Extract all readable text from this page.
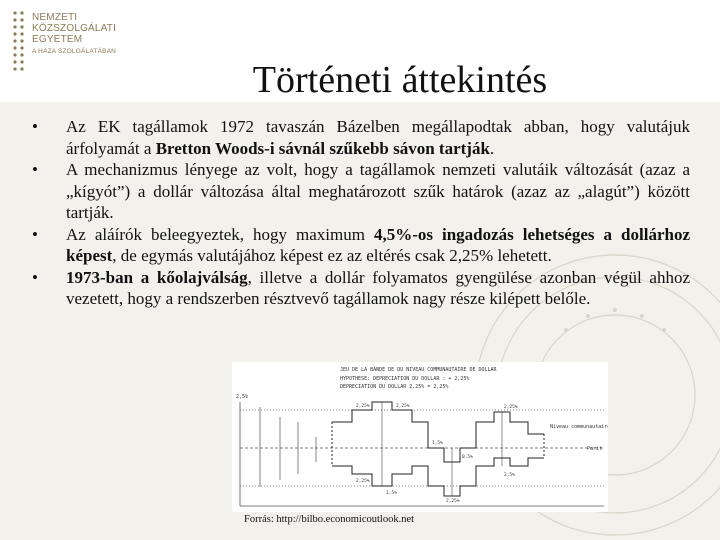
NEMZETI
KÖZSZOLGÁLATI
EGYETEM
A HAZA SZOLGÁLATÁBAN
Történeti áttekintés
• Az EK tagállamok 1972 tavaszán Bázelben megállapodtak abban, hogy valutájuk árfolyamát a Bretton Woods-i sávnál szűkebb sávon tartják.
• A mechanizmus lényege az volt, hogy a tagállamok nemzeti valutáik változását (azaz a „kígyót”) a dollár változása által meghatározott szűk határok (azaz az „alagút”) között tartják.
• Az aláírók beleegyeztek, hogy maximum 4,5%-os ingadozás lehetséges a dollárhoz képest, de egymás valutájához képest ez az eltérés csak 2,25% lehetett.
• 1973-ban a kőolajválság, illetve a dollár folyamatos gyengülése azonban végül ahhoz vezetett, hogy a rendszerben résztvevő tagállamok nagy része kilépett belőle.
JEU DE LA BANDE DE DU NIVEAU COMMUNAUTAIRE DE DOLLAR
HYPOTHESE: DEPRECIATION DU DOLLAR : + 2,25%
DEPRECIATION DU DOLLAR 2,25% = 2,25%
2,5%
Niveau communautaire
Parit
2,25%	2,25%	2,25%
1,5%
0,5%
2,25%
1,5%
2,25%
2,5%
Forrás: http://bilbo.economicoutlook.net
